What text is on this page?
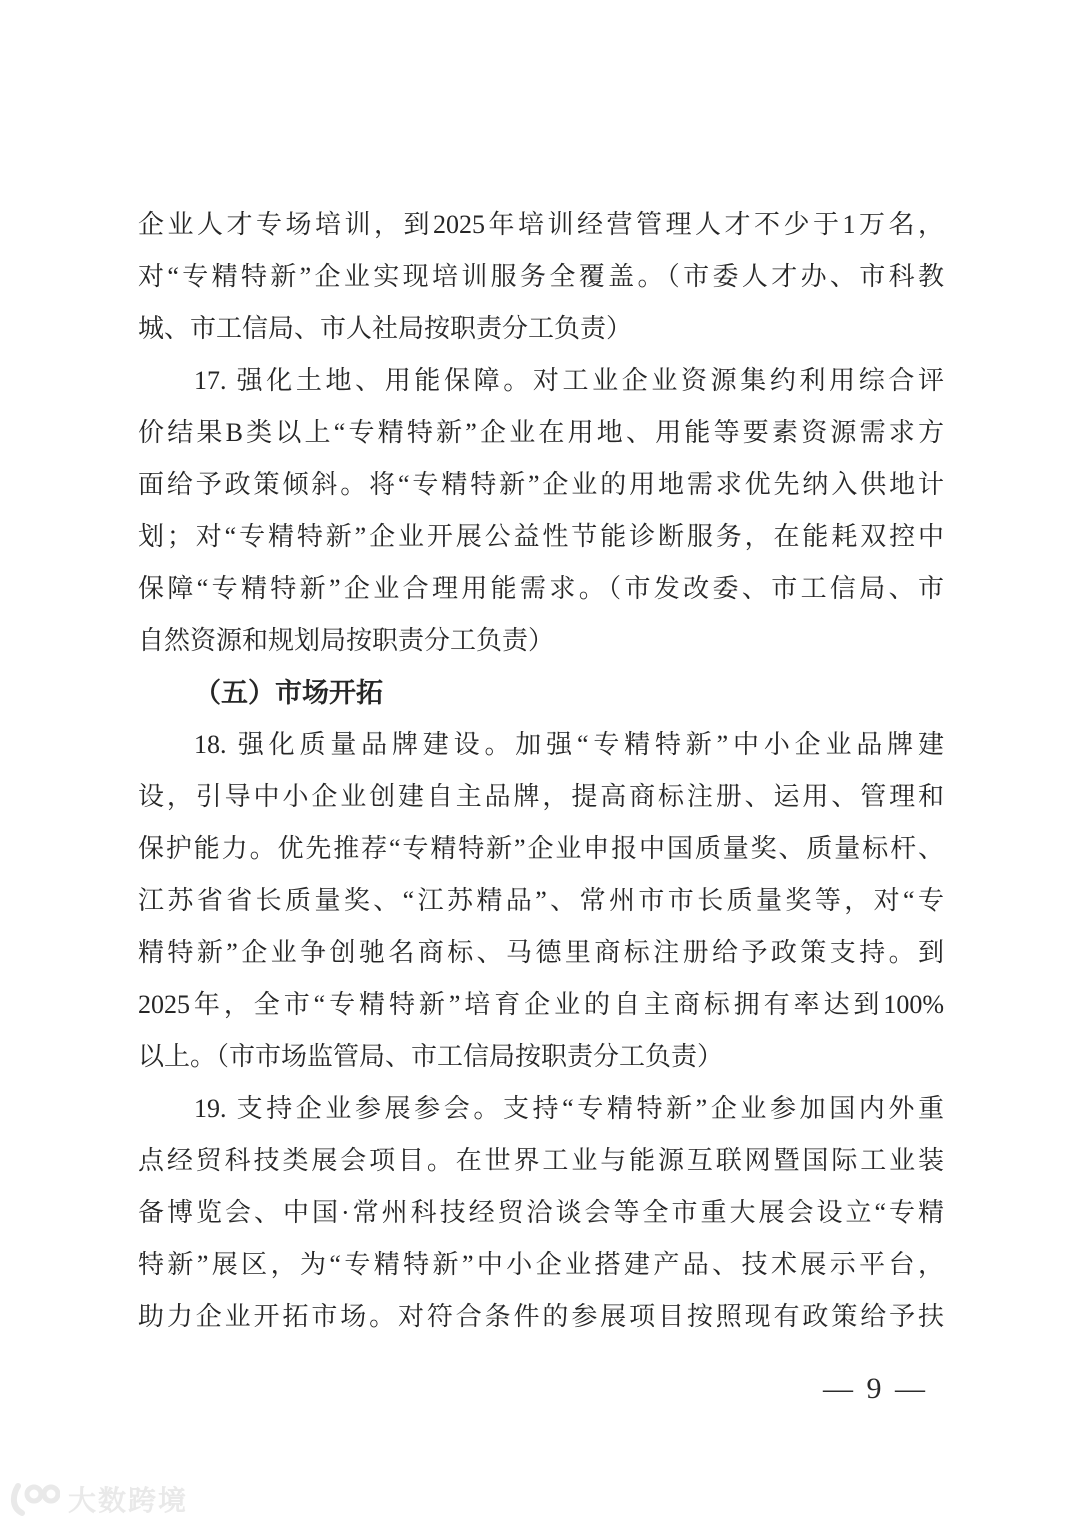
企业人才专场培训，到2025年培训经营管理人才不少于1万名，
对“专精特新”企业实现培训服务全覆盖。（市委人才办、市科教
城、市工信局、市人社局按职责分工负责）
17. 强化土地、用能保障。对工业企业资源集约利用综合评
价结果B类以上“专精特新”企业在用地、用能等要素资源需求方
面给予政策倾斜。将“专精特新”企业的用地需求优先纳入供地计
划；对“专精特新”企业开展公益性节能诊断服务，在能耗双控中
保障“专精特新”企业合理用能需求。（市发改委、市工信局、市
自然资源和规划局按职责分工负责）
（五）市场开拓
18. 强化质量品牌建设。加强“专精特新”中小企业品牌建
设，引导中小企业创建自主品牌，提高商标注册、运用、管理和
保护能力。优先推荐“专精特新”企业申报中国质量奖、质量标杆、
江苏省省长质量奖、“江苏精品”、常州市市长质量奖等，对“专
精特新”企业争创驰名商标、马德里商标注册给予政策支持。到
2025年，全市“专精特新”培育企业的自主商标拥有率达到100%
以上。（市市场监管局、市工信局按职责分工负责）
19. 支持企业参展参会。支持“专精特新”企业参加国内外重
点经贸科技类展会项目。在世界工业与能源互联网暨国际工业装
备博览会、中国·常州科技经贸洽谈会等全市重大展会设立“专精
特新”展区，为“专精特新”中小企业搭建产品、技术展示平台，
助力企业开拓市场。对符合条件的参展项目按照现有政策给予扶
— 9 —
大数跨境
